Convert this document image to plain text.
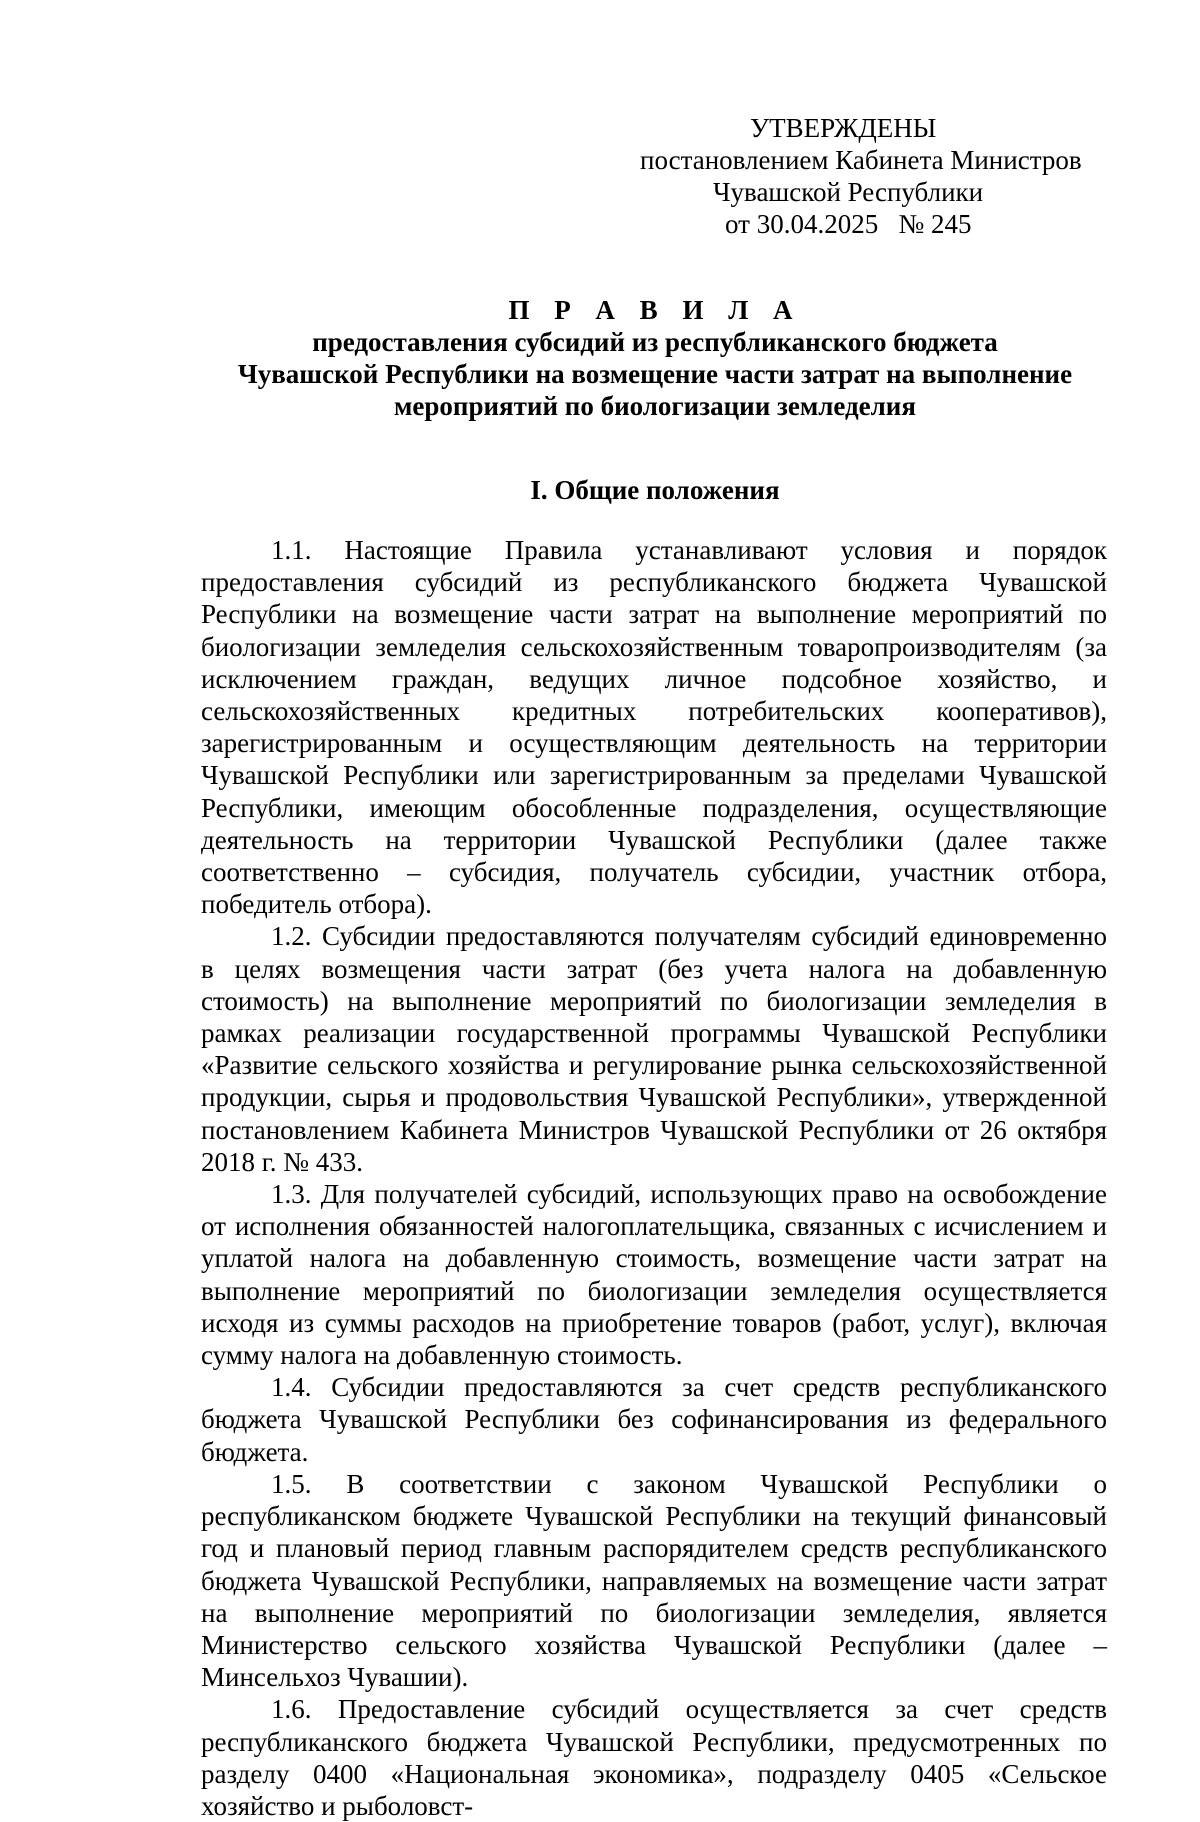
УТВЕРЖДЕНЫ
постановлением Кабинета Министров
Чувашской Республики
от 30.04.2025   № 245
П Р А В И Л А
предоставления субсидий из республиканского бюджета
Чувашской Республики на возмещение части затрат на выполнение
мероприятий по биологизации земледелия
I. Общие положения

1.1. Настоящие Правила устанавливают условия и порядок предоставления субсидий из республиканского бюджета Чувашской Республики на возмещение части затрат на выполнение мероприятий по биологизации земледелия сельскохозяйственным товаропроизводителям (за исключением граждан, ведущих личное подсобное хозяйство, и сельскохозяйственных кредитных потребительских кооперативов), зарегистрированным и осуществляющим деятельность на территории Чувашской Республики или зарегистрированным за пределами Чувашской Республики, имеющим обособленные подразделения, осуществляющие деятельность на территории Чувашской Республики (далее также соответственно – субсидия, получатель субсидии, участник отбора, победитель отбора).

1.2. Субсидии предоставляются получателям субсидий единовременно в целях возмещения части затрат (без учета налога на добавленную стоимость) на выполнение мероприятий по биологизации земледелия в рамках реализации государственной программы Чувашской Республики «Развитие сельского хозяйства и регулирование рынка сельскохозяйственной продукции, сырья и продовольствия Чувашской Республики», утвержденной постановлением Кабинета Министров Чувашской Республики от 26 октября 2018 г. № 433.

1.3. Для получателей субсидий, использующих право на освобождение от исполнения обязанностей налогоплательщика, связанных с исчислением и уплатой налога на добавленную стоимость, возмещение части затрат на выполнение мероприятий по биологизации земледелия осуществляется исходя из суммы расходов на приобретение товаров (работ, услуг), включая сумму налога на добавленную стоимость.

1.4. Субсидии предоставляются за счет средств республиканского бюджета Чувашской Республики без софинансирования из федерального бюджета.

1.5. В соответствии с законом Чувашской Республики о республиканском бюджете Чувашской Республики на текущий финансовый год и плановый период главным распорядителем средств республиканского бюджета Чувашской Республики, направляемых на возмещение части затрат на выполнение мероприятий по биологизации земледелия, является Министерство сельского хозяйства Чувашской Республики (далее – Минсельхоз Чувашии).

1.6. Предоставление субсидий осуществляется за счет средств республиканского бюджета Чувашской Республики, предусмотренных по разделу 0400 «Национальная экономика», подразделу 0405 «Сельское хозяйство и рыболовст-
